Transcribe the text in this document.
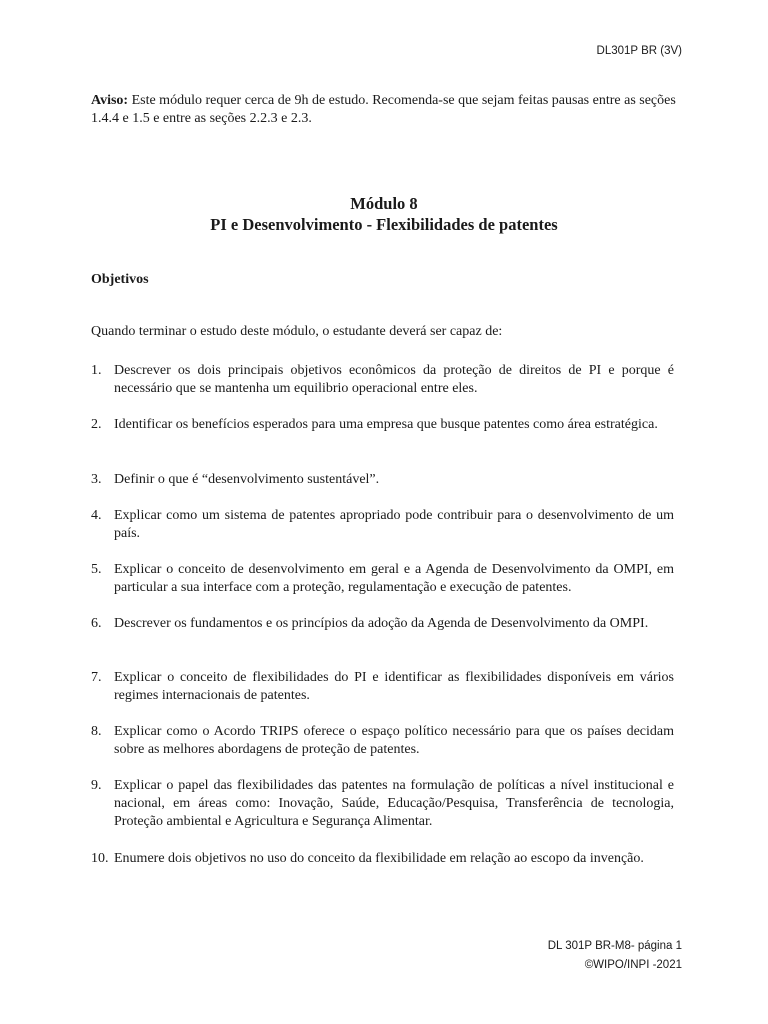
DL301P BR (3V)
Aviso: Este módulo requer cerca de 9h de estudo. Recomenda-se que sejam feitas pausas entre as seções 1.4.4 e 1.5 e entre as seções 2.2.3 e 2.3.
Módulo 8
PI e Desenvolvimento - Flexibilidades de patentes
Objetivos
Quando terminar o estudo deste módulo, o estudante deverá ser capaz de:
1. Descrever os dois principais objetivos econômicos da proteção de direitos de PI e porque é necessário que se mantenha um equilibrio operacional entre eles.
2. Identificar os benefícios esperados para uma empresa que busque patentes como área estratégica.
3. Definir o que é “desenvolvimento sustentável”.
4. Explicar como um sistema de patentes apropriado pode contribuir para o desenvolvimento de um país.
5. Explicar o conceito de desenvolvimento em geral e a Agenda de Desenvolvimento da OMPI, em particular a sua interface com a proteção, regulamentação e execução de patentes.
6. Descrever os fundamentos e os princípios da adoção da Agenda de Desenvolvimento da OMPI.
7. Explicar o conceito de flexibilidades do PI e identificar as flexibilidades disponíveis em vários regimes internacionais de patentes.
8. Explicar como o Acordo TRIPS oferece o espaço político necessário para que os países decidam sobre as melhores abordagens de proteção de patentes.
9. Explicar o papel das flexibilidades das patentes na formulação de políticas a nível institucional e nacional, em áreas como: Inovação, Saúde, Educação/Pesquisa, Transferência de tecnologia, Proteção ambiental e Agricultura e Segurança Alimentar.
10. Enumere dois objetivos no uso do conceito da flexibilidade em relação ao escopo da invenção.
DL 301P BR-M8- página 1
©WIPO/INPI -2021
